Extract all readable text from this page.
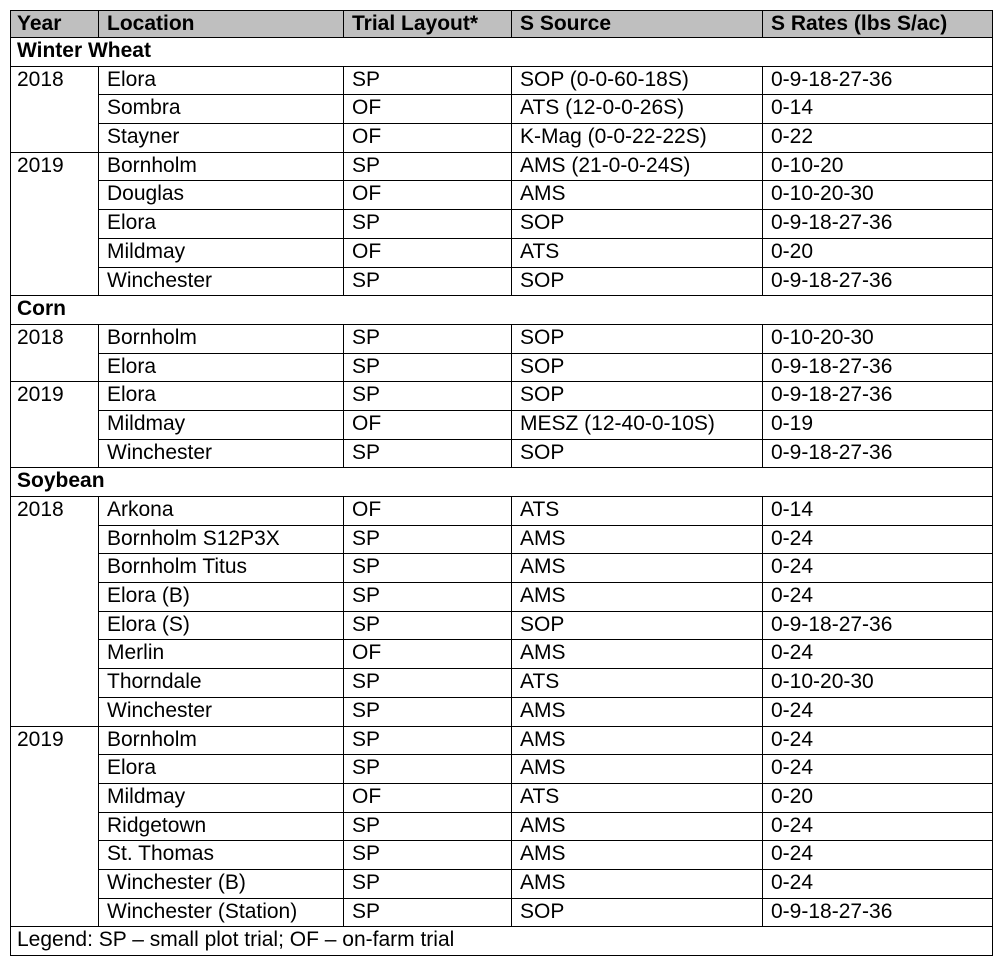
Year	Location	Trial Layout*	S Source	S Rates (lbs S/ac)
Winter Wheat				
2018	Elora	SP	SOP (0-0-60-18S)	0-9-18-27-36
	Sombra	OF	ATS (12-0-0-26S)	0-14
	Stayner	OF	K-Mag (0-0-22-22S)	0-22
2019	Bornholm	SP	AMS (21-0-0-24S)	0-10-20
	Douglas	OF	AMS	0-10-20-30
	Elora	SP	SOP	0-9-18-27-36
	Mildmay	OF	ATS	0-20
	Winchester	SP	SOP	0-9-18-27-36
Corn				
2018	Bornholm	SP	SOP	0-10-20-30
	Elora	SP	SOP	0-9-18-27-36
2019	Elora	SP	SOP	0-9-18-27-36
	Mildmay	OF	MESZ (12-40-0-10S)	0-19
	Winchester	SP	SOP	0-9-18-27-36
Soybean				
2018	Arkona	OF	ATS	0-14
	Bornholm S12P3X	SP	AMS	0-24
	Bornholm Titus	SP	AMS	0-24
	Elora (B)	SP	AMS	0-24
	Elora (S)	SP	SOP	0-9-18-27-36
	Merlin	OF	AMS	0-24
	Thorndale	SP	ATS	0-10-20-30
	Winchester	SP	AMS	0-24
2019	Bornholm	SP	AMS	0-24
	Elora	SP	AMS	0-24
	Mildmay	OF	ATS	0-20
	Ridgetown	SP	AMS	0-24
	St. Thomas	SP	AMS	0-24
	Winchester (B)	SP	AMS	0-24
	Winchester (Station)	SP	SOP	0-9-18-27-36
Legend: SP – small plot trial; OF – on-farm trial				
